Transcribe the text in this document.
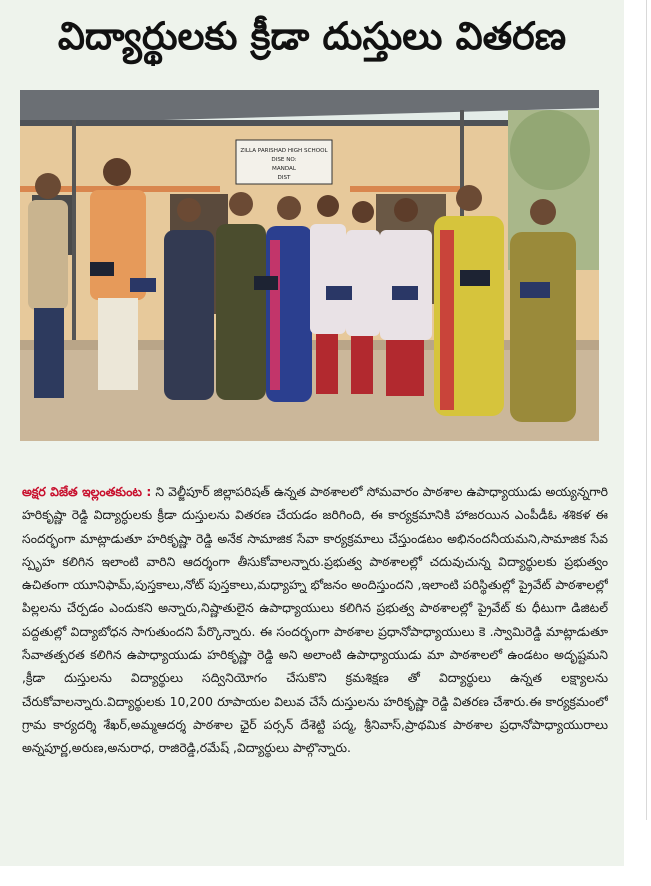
విద్యార్థులకు క్రీడా దుస్తులు వితరణ
ZILLA PARISHAD HIGH SCHOOL
DISE NO:
MANDAL
DIST
అక్షర విజేత ఇల్లంతకుంట : ని వెల్జీపూర్ జిల్లాపరిషత్ ఉన్నత పాఠశాలలో సోమవారం పాఠశాల ఉపాధ్యాయుడు అయ్యన్నగారి హరికృష్ణా రెడ్డి విద్యార్ధులకు క్రీడా దుస్తులను వితరణ చేయడం జరిగింది, ఈ కార్యక్రమానికి హాజరయిన ఎంపీడీఓ శశికళ ఈ సందర్భంగా మాట్లాడుతూ హరికృష్ణా రెడ్డి అనేక సామాజిక సేవా కార్యక్రమాలు చేస్తుండటం అభినందనీయమని,సామాజిక సేవ స్పృహ కలిగిన ఇలాంటి వారిని ఆదర్శంగా తీసుకోవాలన్నారు.ప్రభుత్వ పాఠశాలల్లో చదువుచున్న విద్యార్థులకు ప్రభుత్వం ఉచితంగా యూనిఫామ్,పుస్తకాలు,నోట్ పుస్తకాలు,మధ్యాహ్న భోజనం అందిస్తుందని ,ఇలాంటి పరిస్థితుల్లో ప్రైవేట్ పాఠశాలల్లో పిల్లలను చేర్పడం ఎందుకని అన్నారు,నిష్ణాతులైన ఉపాధ్యాయులు కలిగిన ప్రభుత్వ పాఠశాలల్లో ప్రైవేట్ కు ధీటుగా డిజిటల్ పద్దతుల్లో విద్యాబోధన సాగుతుందని పేర్కొన్నారు. ఈ సందర్భంగా పాఠశాల ప్రధానోపాధ్యాయులు కె .స్వామిరెడ్డి మాట్లాడుతూ సేవాతత్పరత కలిగిన ఉపాధ్యాయుడు హరికృష్ణా రెడ్డి అని అలాంటి ఉపాధ్యాయుడు మా పాఠశాలలో ఉండటం అదృష్టమని ,క్రీడా దుస్తులను విద్యార్థులు సద్వినియోగం చేసుకొని క్రమశిక్షణ తో విద్యార్థులు ఉన్నత లక్ష్యాలను చేరుకోవాలన్నారు.విద్యార్థులకు 10,200 రూపాయల విలువ చేసే దుస్తులను హరికృష్ణా రెడ్డి వితరణ చేశారు.ఈ కార్యక్రమంలో గ్రామ కార్యదర్శి శేఖర్,అమ్మఆదర్శ పాఠశాల ఛైర్ పర్సన్ దేశెట్టి పద్మ, శ్రీనివాస్,ప్రాథమిక పాఠశాల ప్రధానోపాధ్యాయురాలు అన్నపూర్ణ,అరుణ,అనురాధ, రాజిరెడ్డి,రమేష్ ,విద్యార్థులు పాల్గొన్నారు.
